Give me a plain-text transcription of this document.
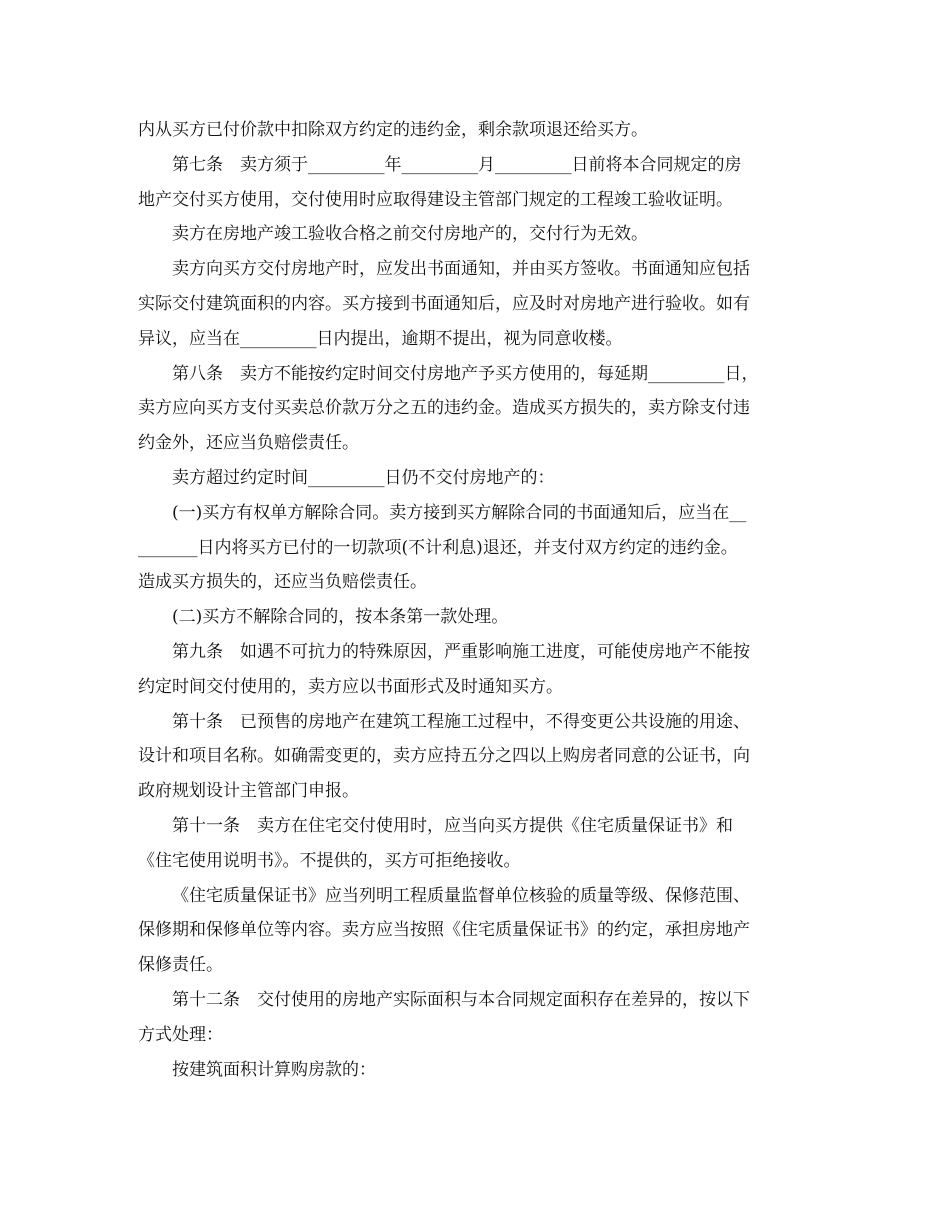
内从买方已付价款中扣除双方约定的违约金，剩余款项退还给买方。
第七条　卖方须于_________年_________月_________日前将本合同规定的房
地产交付买方使用，交付使用时应取得建设主管部门规定的工程竣工验收证明。
卖方在房地产竣工验收合格之前交付房地产的，交付行为无效。
卖方向买方交付房地产时，应发出书面通知，并由买方签收。书面通知应包括
实际交付建筑面积的内容。买方接到书面通知后，应及时对房地产进行验收。如有
异议，应当在_________日内提出，逾期不提出，视为同意收楼。
第八条　卖方不能按约定时间交付房地产予买方使用的，每延期_________日，
卖方应向买方支付买卖总价款万分之五的违约金。造成买方损失的，卖方除支付违
约金外，还应当负赔偿责任。
卖方超过约定时间_________日仍不交付房地产的：
(一)买方有权单方解除合同。卖方接到买方解除合同的书面通知后，应当在__
_______日内将买方已付的一切款项(不计利息)退还，并支付双方约定的违约金。
造成买方损失的，还应当负赔偿责任。
(二)买方不解除合同的，按本条第一款处理。
第九条　如遇不可抗力的特殊原因，严重影响施工进度，可能使房地产不能按
约定时间交付使用的，卖方应以书面形式及时通知买方。
第十条　已预售的房地产在建筑工程施工过程中，不得变更公共设施的用途、
设计和项目名称。如确需变更的，卖方应持五分之四以上购房者同意的公证书，向
政府规划设计主管部门申报。
第十一条　卖方在住宅交付使用时，应当向买方提供《住宅质量保证书》和
《住宅使用说明书》。不提供的，买方可拒绝接收。
《住宅质量保证书》应当列明工程质量监督单位核验的质量等级、保修范围、
保修期和保修单位等内容。卖方应当按照《住宅质量保证书》的约定，承担房地产
保修责任。
第十二条　交付使用的房地产实际面积与本合同规定面积存在差异的，按以下
方式处理：
按建筑面积计算购房款的：
